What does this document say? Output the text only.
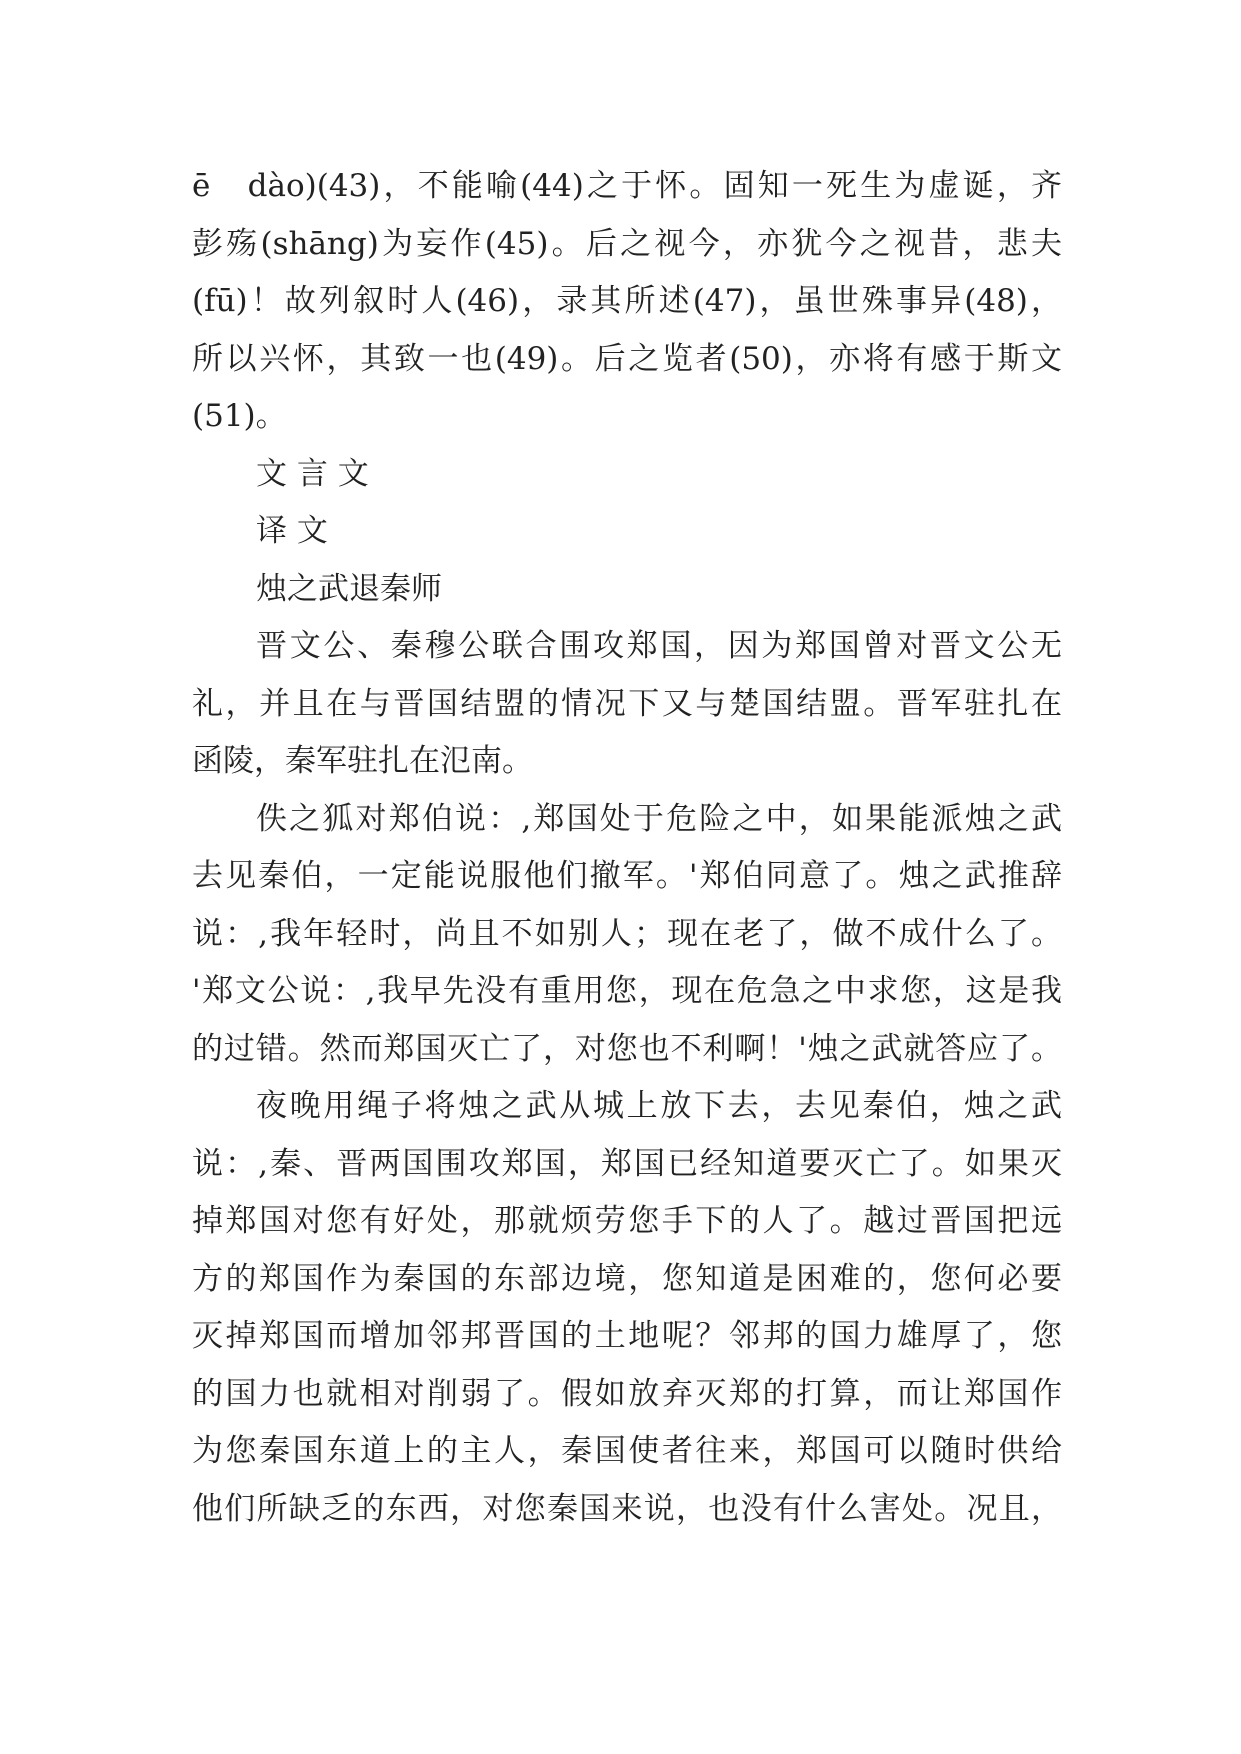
ē　dào)(43)，不能喻(44)之于怀。固知一死生为虚诞，齐
彭殇(shāng)为妄作(45)。后之视今，亦犹今之视昔，悲夫
(fū)！故列叙时人(46)，录其所述(47)，虽世殊事异(48)，
所以兴怀，其致一也(49)。后之览者(50)，亦将有感于斯文
(51)。
文 言 文
译 文
烛之武退秦师
晋文公、秦穆公联合围攻郑国，因为郑国曾对晋文公无
礼，并且在与晋国结盟的情况下又与楚国结盟。晋军驻扎在
函陵，秦军驻扎在氾南。
佚之狐对郑伯说：,郑国处于危险之中，如果能派烛之武
去见秦伯，一定能说服他们撤军。'郑伯同意了。烛之武推辞
说：,我年轻时，尚且不如别人；现在老了，做不成什么了。
'郑文公说：,我早先没有重用您，现在危急之中求您，这是我
的过错。然而郑国灭亡了，对您也不利啊！'烛之武就答应了。
夜晚用绳子将烛之武从城上放下去，去见秦伯，烛之武
说：,秦、晋两国围攻郑国，郑国已经知道要灭亡了。如果灭
掉郑国对您有好处，那就烦劳您手下的人了。越过晋国把远
方的郑国作为秦国的东部边境，您知道是困难的，您何必要
灭掉郑国而增加邻邦晋国的土地呢？邻邦的国力雄厚了，您
的国力也就相对削弱了。假如放弃灭郑的打算，而让郑国作
为您秦国东道上的主人，秦国使者往来，郑国可以随时供给
他们所缺乏的东西，对您秦国来说，也没有什么害处。况且，
